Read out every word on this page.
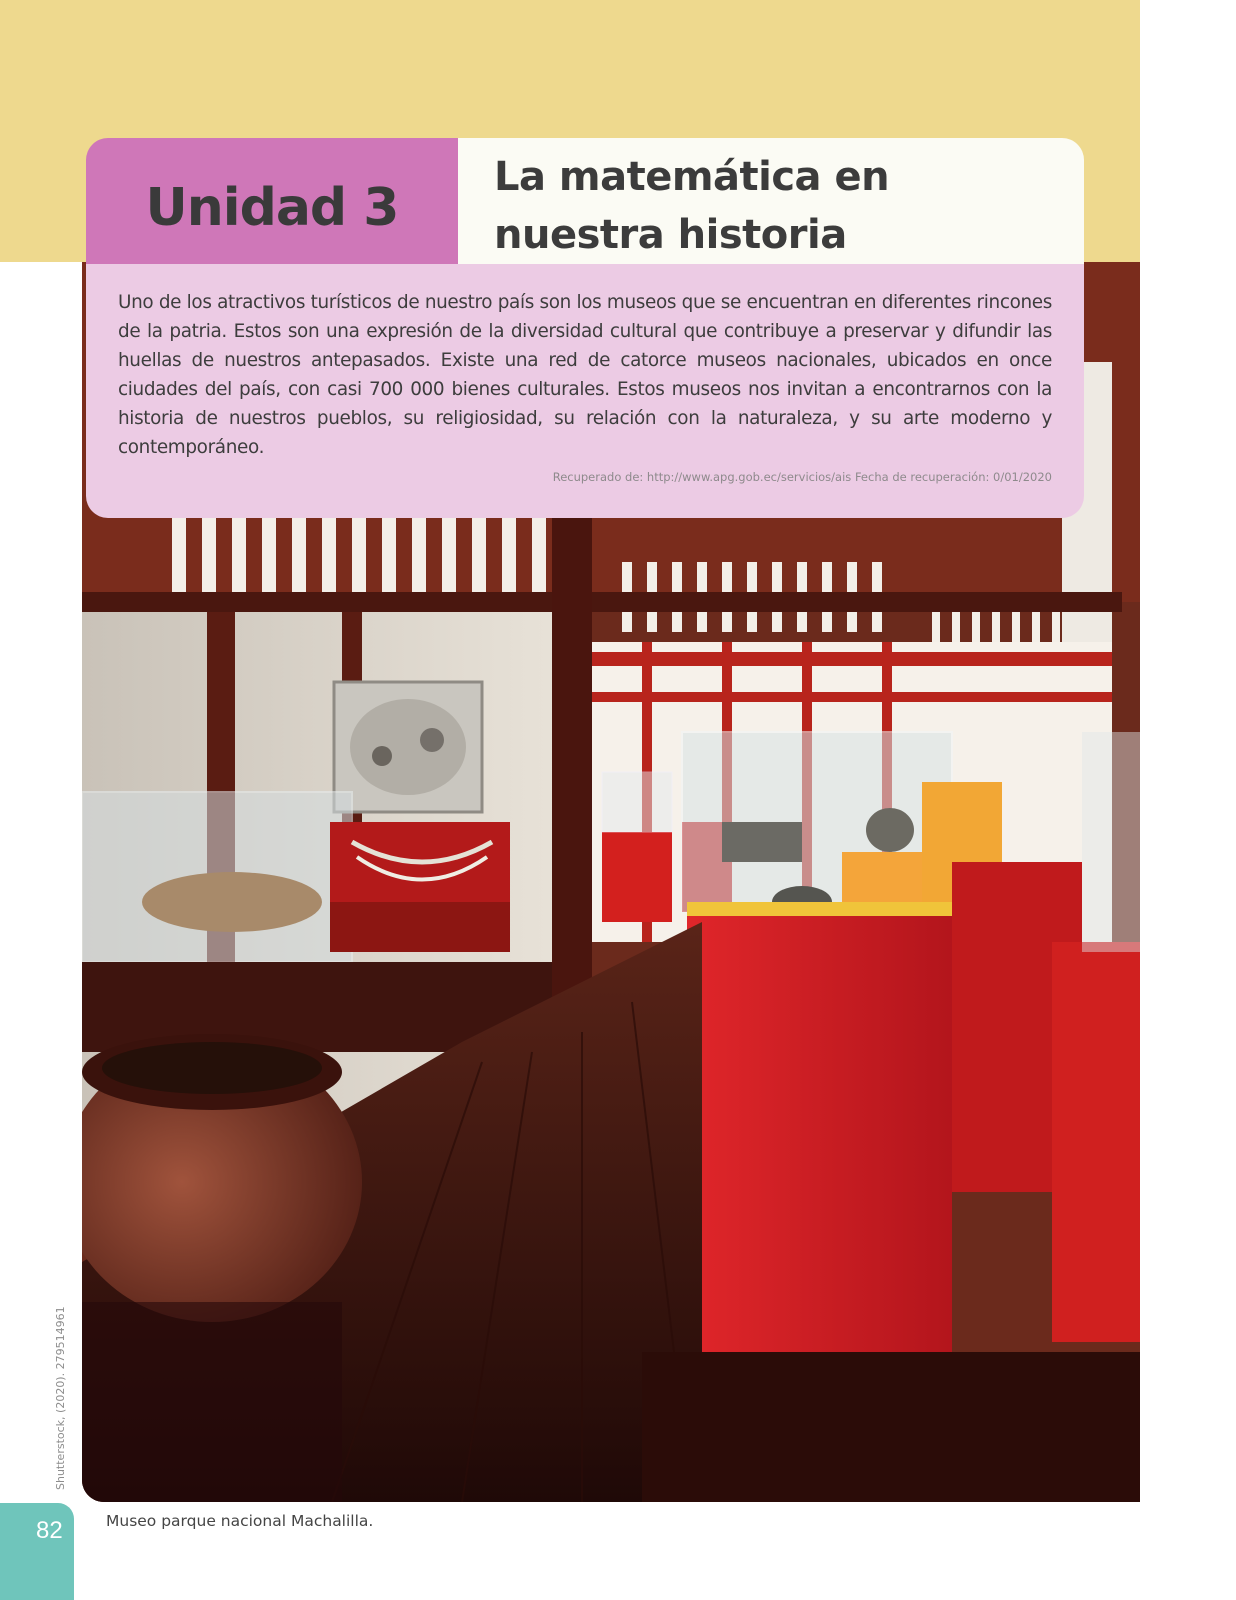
Unidad 3
La matemática en
nuestra historia

Uno de los atractivos turísticos de nuestro país son los museos que se encuentran en diferentes rincones de la patria. Estos son una expresión de la diversidad cultural que contribuye a preservar y difundir las huellas de nuestros antepasados. Existe una red de catorce museos nacionales, ubicados en once ciudades del país, con casi 700 000 bienes culturales. Estos museos nos invitan a encontrarnos con la historia de nuestros pueblos, su religiosidad, su relación con la naturaleza, y su arte moderno y contemporáneo.

Recuperado de: http://www.apg.gob.ec/servicios/ais Fecha de recuperación: 0/01/2020
Shutterstock, (2020). 279514961
82	Museo parque nacional Machalilla.
